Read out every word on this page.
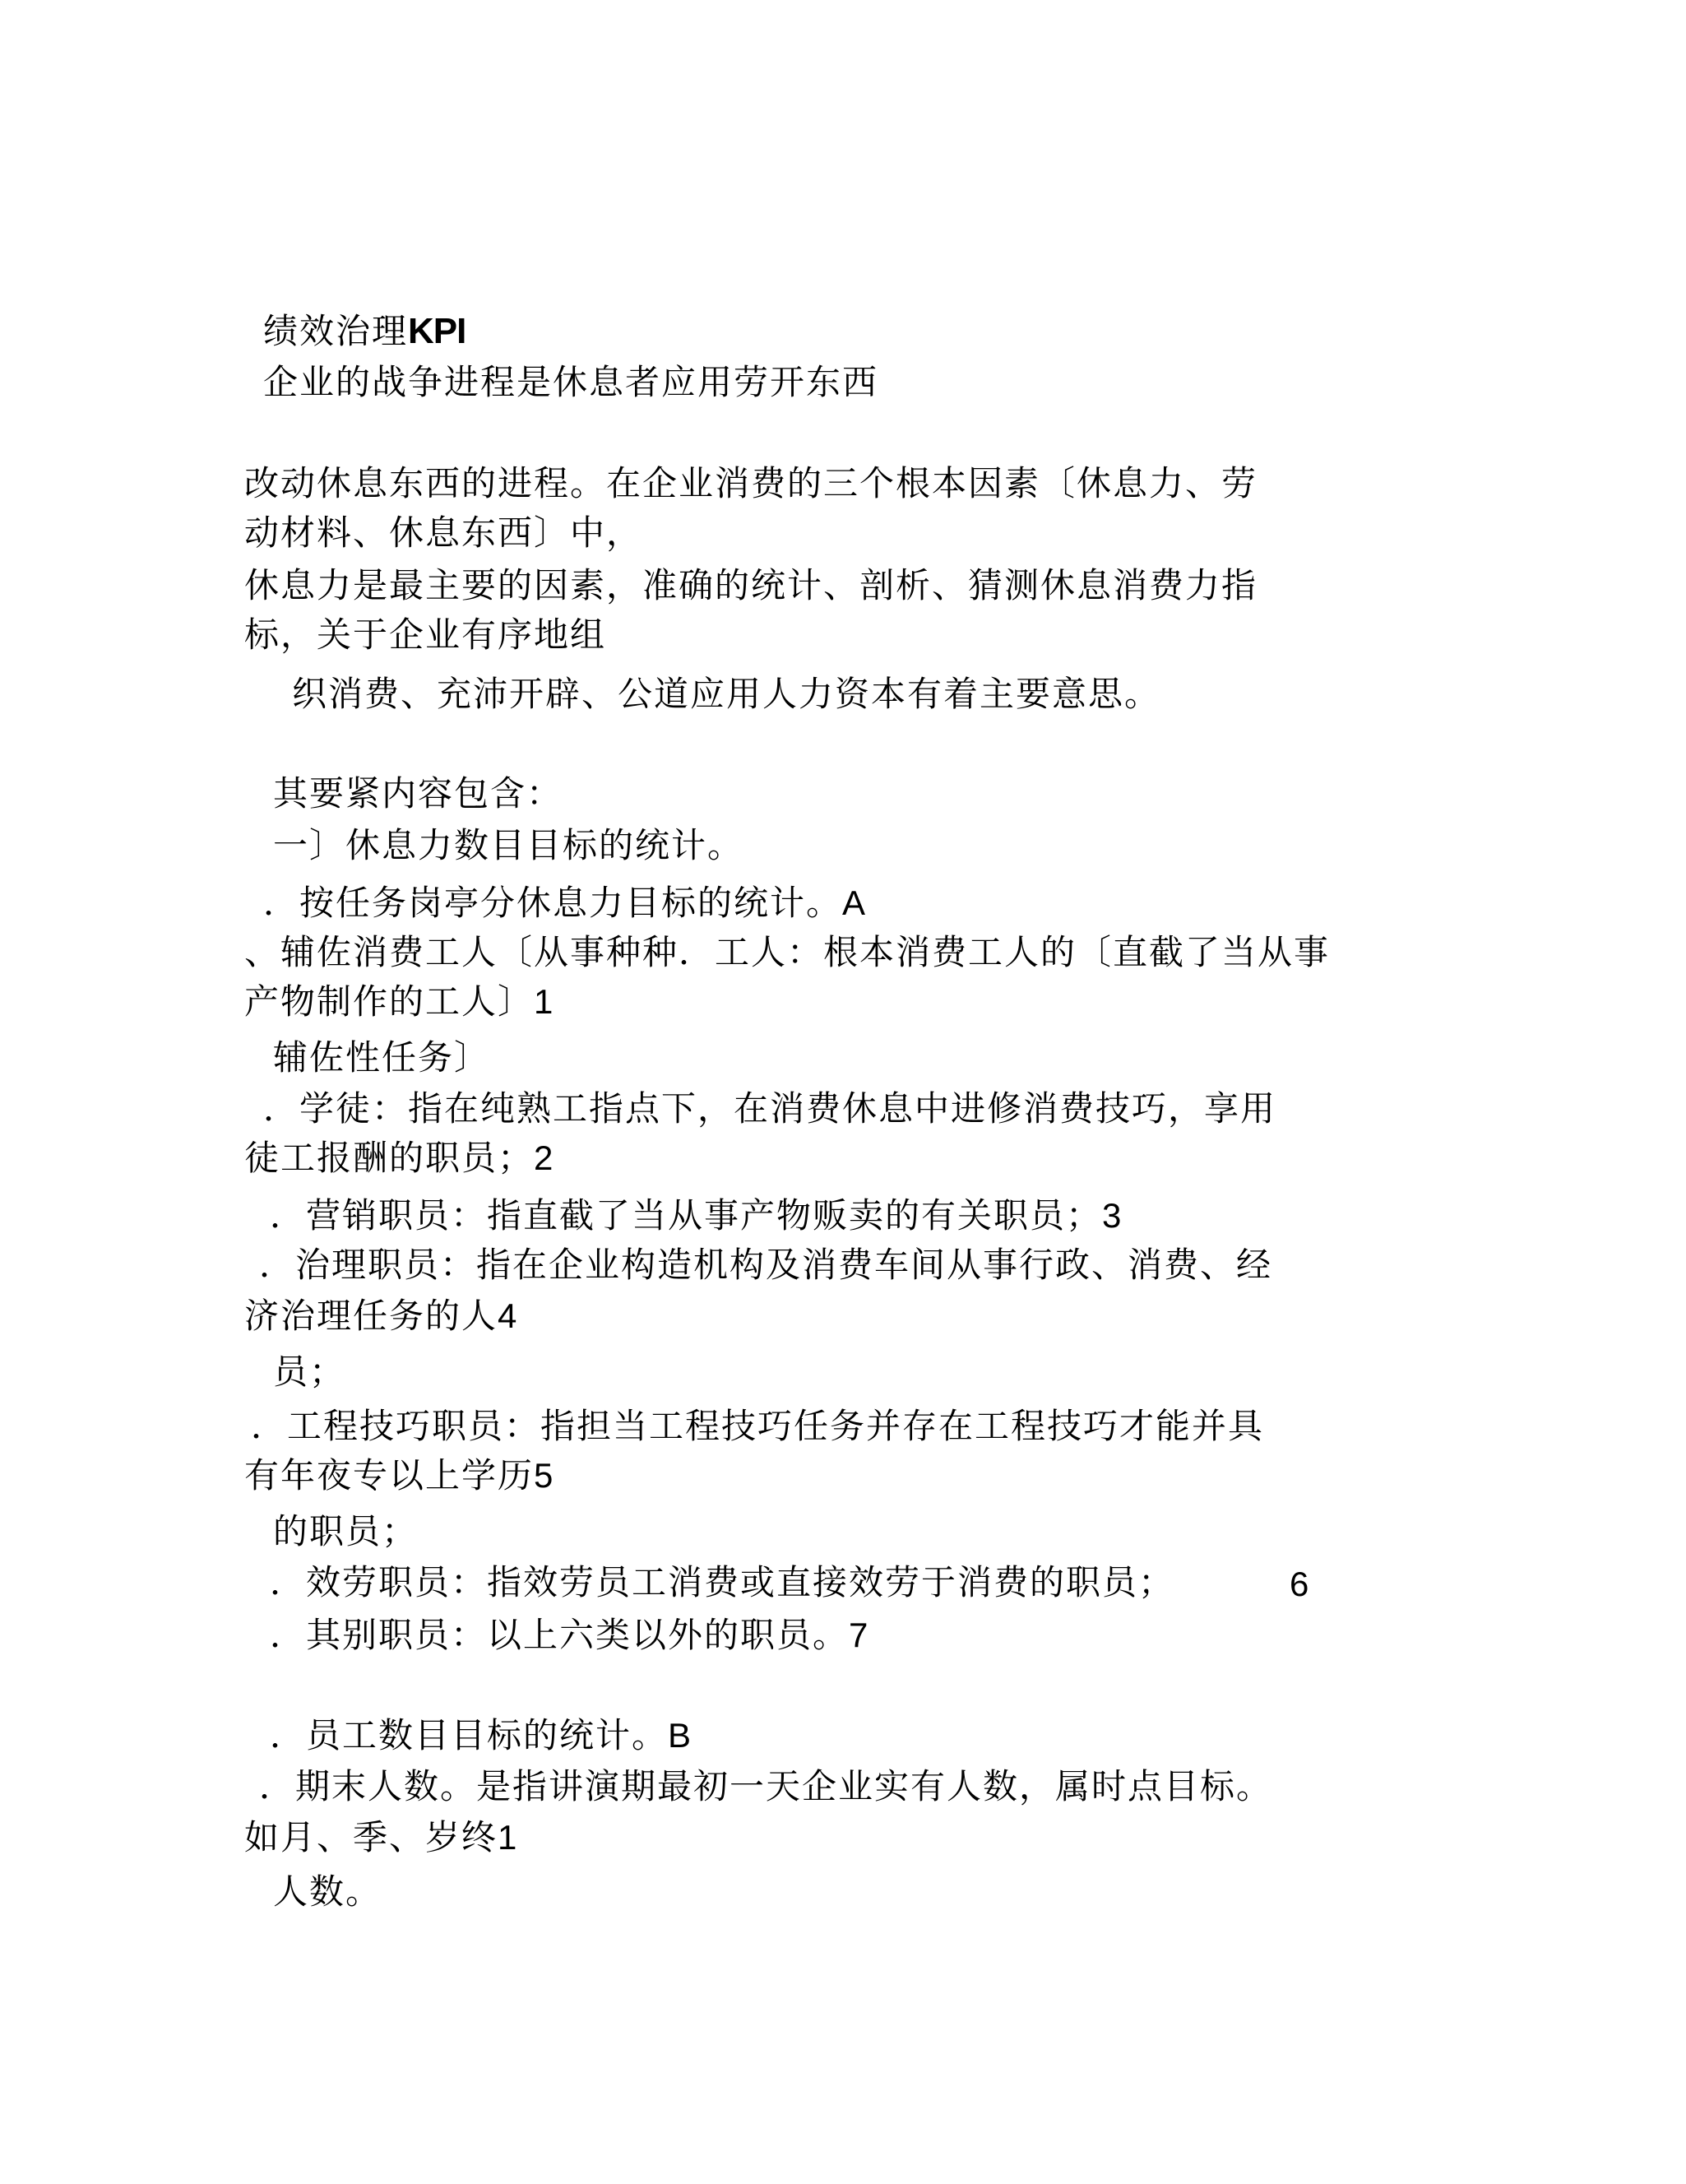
绩效治理KPI
企业的战争进程是休息者应用劳开东西
改动休息东西的进程。在企业消费的三个根本因素〔休息力、劳
动材料、休息东西〕中，
休息力是最主要的因素，准确的统计、剖析、猜测休息消费力指
标，关于企业有序地组
织消费、充沛开辟、公道应用人力资本有着主要意思。
其要紧内容包含：
一〕休息力数目目标的统计。
．按任务岗亭分休息力目标的统计。A
、辅佐消费工人〔从事种种．工人：根本消费工人的〔直截了当从事
产物制作的工人〕1
辅佐性任务〕
．学徒：指在纯熟工指点下，在消费休息中进修消费技巧，享用
徒工报酬的职员；2
．营销职员：指直截了当从事产物贩卖的有关职员；3
．治理职员：指在企业构造机构及消费车间从事行政、消费、经
济治理任务的人4
员；
．工程技巧职员：指担当工程技巧任务并存在工程技巧才能并具
有年夜专以上学历5
的职员；
．效劳职员：指效劳员工消费或直接效劳于消费的职员；	6
．其别职员：以上六类以外的职员。7
．员工数目目标的统计。B
．期末人数。是指讲演期最初一天企业实有人数，属时点目标。
如月、季、岁终1
人数。
